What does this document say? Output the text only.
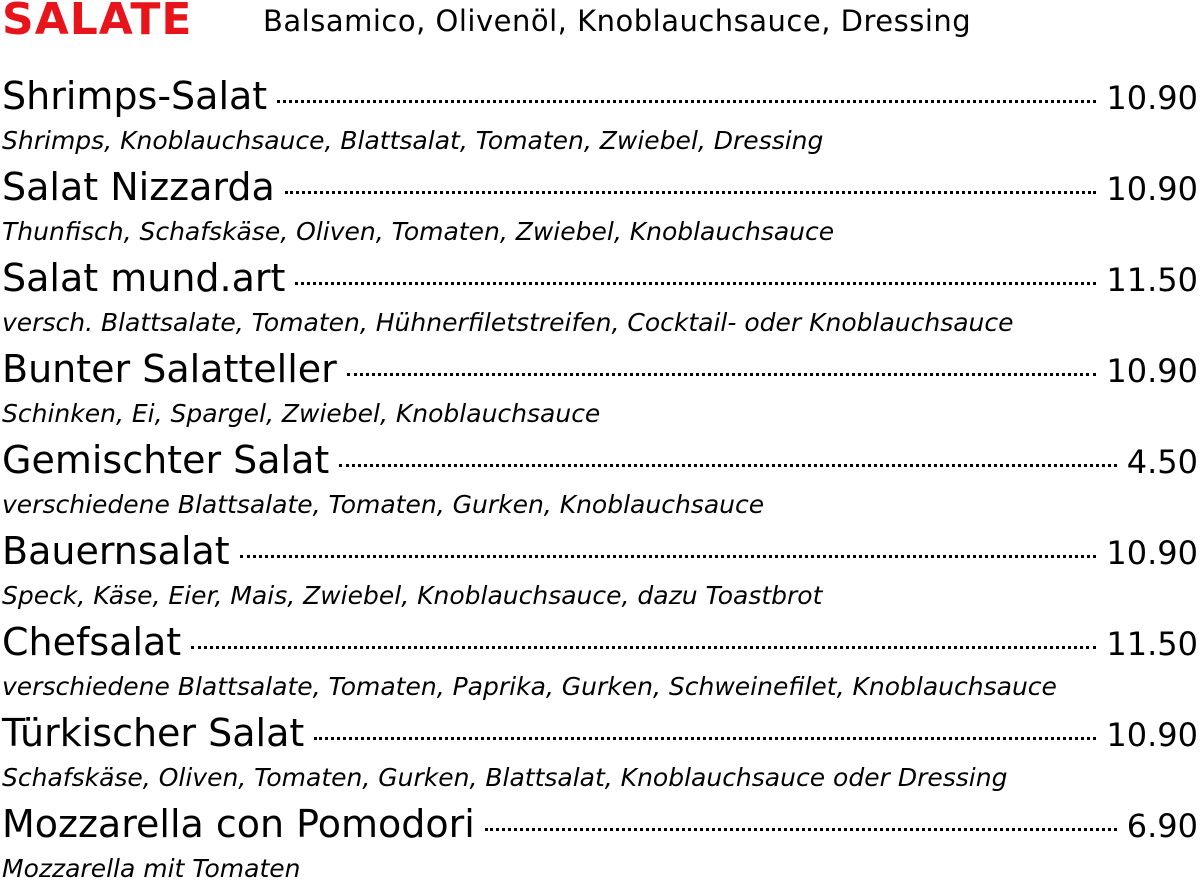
SALATE Balsamico, Olivenöl, Knoblauchsauce, Dressing
Shrimps-Salat	10.90
Shrimps, Knoblauchsauce, Blattsalat, Tomaten, Zwiebel, Dressing
Salat Nizzarda	10.90
Thunfisch, Schafskäse, Oliven, Tomaten, Zwiebel, Knoblauchsauce
Salat mund.art	11.50
versch. Blattsalate, Tomaten, Hühnerfiletstreifen, Cocktail- oder Knoblauchsauce
Bunter Salatteller	10.90
Schinken, Ei, Spargel, Zwiebel, Knoblauchsauce
Gemischter Salat	4.50
verschiedene Blattsalate, Tomaten, Gurken, Knoblauchsauce
Bauernsalat	10.90
Speck, Käse, Eier, Mais, Zwiebel, Knoblauchsauce, dazu Toastbrot
Chefsalat	11.50
verschiedene Blattsalate, Tomaten, Paprika, Gurken, Schweinefilet, Knoblauchsauce
Türkischer Salat	10.90
Schafskäse, Oliven, Tomaten, Gurken, Blattsalat, Knoblauchsauce oder Dressing
Mozzarella con Pomodori	6.90
Mozzarella mit Tomaten
